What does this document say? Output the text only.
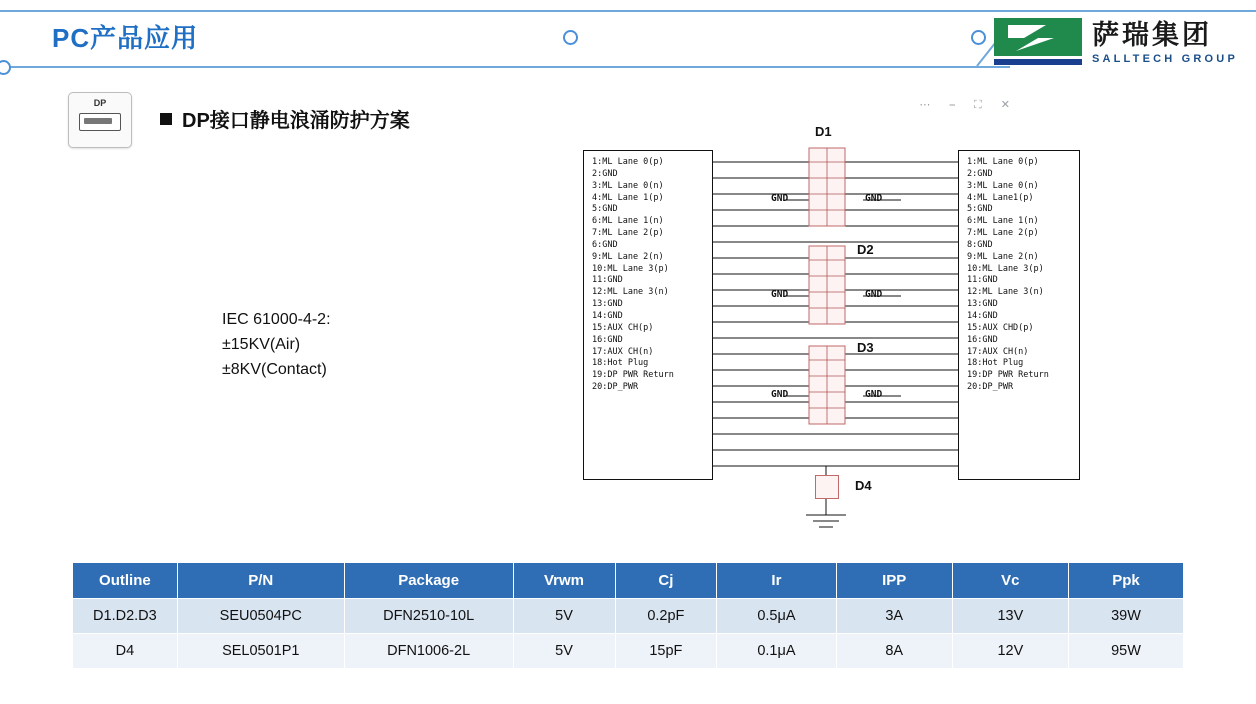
PC产品应用	萨瑞集团
SALLTECH GROUP
DP
DP接口静电浪涌防护方案
IEC 61000-4-2:
±15KV(Air)
±8KV(Contact)
⋯ ⎯ ⛶ ✕
1:ML Lane 0(p)
2:GND
3:ML Lane 0(n)
4:ML Lane 1(p)
5:GND
6:ML Lane 1(n)
7:ML Lane 2(p)
6:GND
9:ML Lane 2(n)
10:ML Lane 3(p)
11:GND
12:ML Lane 3(n)
13:GND
14:GND
15:AUX CH(p)
16:GND
17:AUX CH(n)
18:Hot Plug
19:DP PWR Return
20:DP_PWR
1:ML Lane 0(p)
2:GND
3:ML Lane 0(n)
4:ML Lane1(p)
5:GND
6:ML Lane 1(n)
7:ML Lane 2(p)
8:GND
9:ML Lane 2(n)
10:ML Lane 3(p)
11:GND
12:ML Lane 3(n)
13:GND
14:GND
15:AUX CHD(p)
16:GND
17:AUX CH(n)
18:Hot Plug
19:DP PWR Return
20:DP_PWR
D1
D2
D3
D4
GND	GND
GND	GND
GND	GND
Outline	P/N	Package	Vrwm	Cj	Ir	IPP	Vc	Ppk
D1.D2.D3	SEU0504PC	DFN2510-10L	5V	0.2pF	0.5μA	3A	13V	39W
D4	SEL0501P1	DFN1006-2L	5V	15pF	0.1μA	8A	12V	95W
